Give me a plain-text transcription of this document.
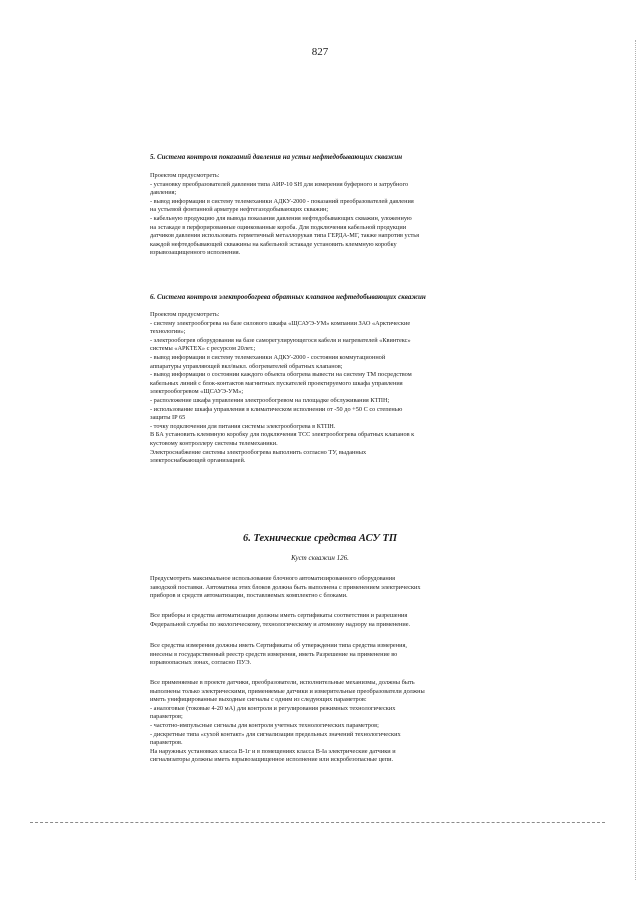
827
5. Система контроля показаний давления на устьи нефтедобывающих скважин

Проектом предусмотреть:
- установку преобразователей давления типа АИР-10 SH для измерения буферного и затрубного
давления;
- вывод информации в систему телемеханики АДКУ-2000 - показаний преобразователей давления
на устьевой фонтанной арматуре нефтегазодобывающих скважин;
- кабельную продукцию для вывода показания давления нефтедобывающих скважин, уложенную
на эстакаде в перфорированные оцинкованные короба. Для подключения кабельной продукции
датчиков давления использовать герметичный металлорукав типа ГЕРДА-МГ, также напротив устья
каждой нефтедобывающей скважины на кабельной эстакаде установить клеммную коробку
взрывозащищенного исполнения.

6. Система контроля электрообогрева обратных клапанов нефтедобывающих скважин

Проектом предусмотреть:
- систему электрообогрева на базе силового шкафа «ЩСАУЭ-УМ» компании ЗАО «Арктические
технологии»;
- электрообогрев оборудования на базе саморегулирующегося кабеля и нагревателей «Квинтекс»
системы «АРКТЕХ» с ресурсом 20лет.;
- вывод информации в систему телемеханики АДКУ-2000 - состояния коммутационной
аппаратуры управляющей вкл/выкл. обогревателей обратных клапанов;
- вывод информации о состоянии каждого объекта обогрева вывести на систему ТМ посредством
кабельных линий с блок-контактов магнитных пускателей проектируемого шкафа управления
электрообогревом «ЩСАУЭ-УМ»;
- расположение шкафа управления электрообогревом на площадке обслуживания КТПН;
- использование шкафа управления в климатическом исполнении от -50 до +50 С со степенью
защиты IP 65
- точку подключения для питания системы электрообогрева в КТПН.
В БА установить клеммную коробку для подключения ТСС электрообогрева обратных клапанов к
кустовому контроллеру системы телемеханики.
Электроснабжение системы электрообогрева выполнить согласно ТУ, выданных
электроснабжающей организацией.

6. Технические средства АСУ ТП
Куст скважин 126.

Предусмотреть максимальное использование блочного автоматизированного оборудования
заводской поставки. Автоматика этих блоков должна быть выполнена с применением электрических
приборов и средств автоматизации, поставляемых комплектно с блоками.

Все приборы и средства автоматизации должны иметь сертификаты соответствия и разрешения
Федеральной службы по экологическому, технологическому и атомному надзору на применение.

Все средства измерения должны иметь Сертификаты об утверждении типа средства измерения,
внесены в государственный реестр средств измерения, иметь Разрешение на применение во
взрывоопасных зонах, согласно ПУЭ.

Все применяемые в проекте датчики, преобразователи, исполнительные механизмы, должны быть
выполнены только электрическими, применяемые датчики и измерительные преобразователи должны
иметь унифицированные выходные сигналы с одним из следующих параметров:
- аналоговые (токовые 4-20 мА) для контроля и регулирования режимных технологических
параметров;
- частотно-импульсные сигналы для контроля учетных технологических параметров;
- дискретные типа «сухой контакт» для сигнализации предельных значений технологических
параметров.
На наружных установках класса В-1г и в помещениях класса В-Iа электрические датчики и
сигнализаторы должны иметь взрывозащищенное исполнение или искробезопасные цепи.
